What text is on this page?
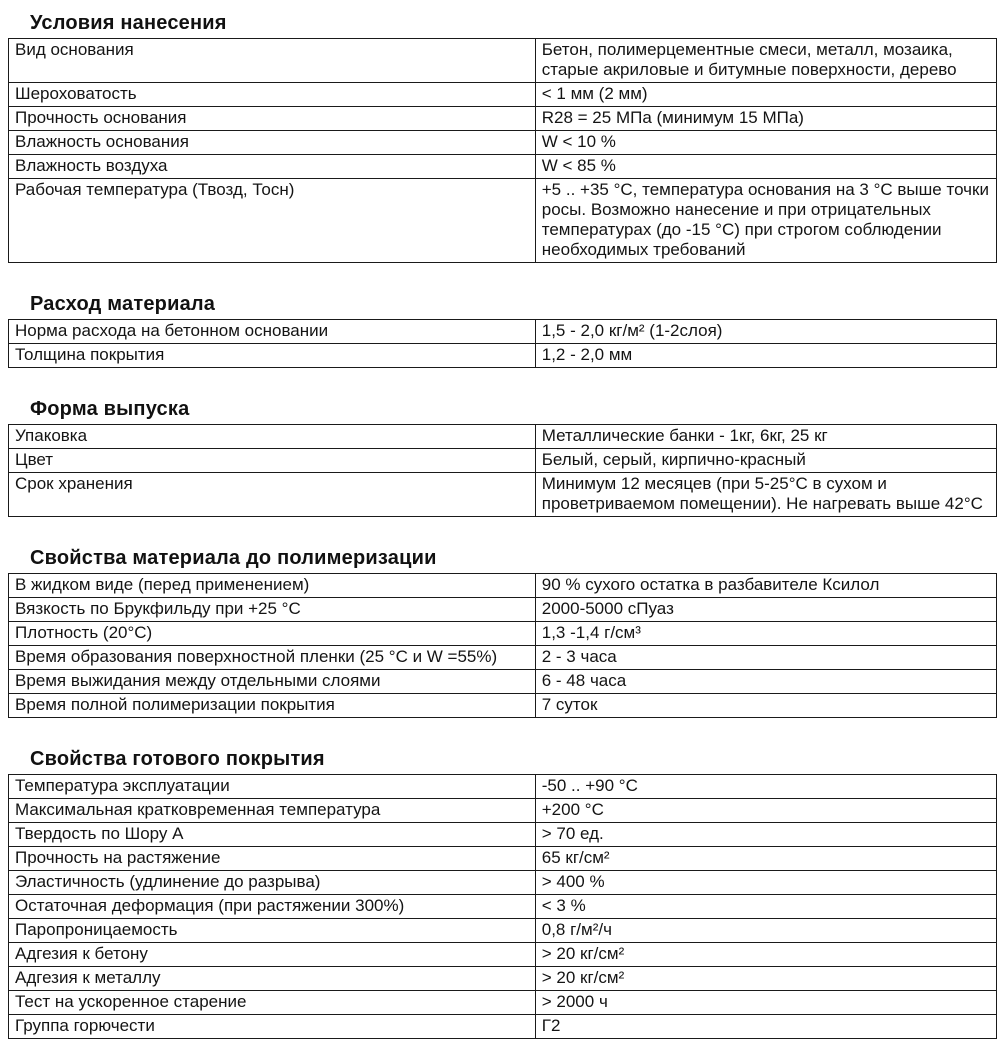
Условия нанесения
Вид основания	Бетон, полимерцементные смеси, металл, мозаика, старые акриловые и битумные поверхности, дерево
Шероховатость	< 1 мм (2 мм)
Прочность основания	R28 = 25 МПа (минимум 15 МПа)
Влажность основания	W < 10 %
Влажность воздуха	W < 85 %
Рабочая температура (Твозд, Тосн)	+5 .. +35 °С, температура основания на 3 °С выше точки росы. Возможно нанесение и при отрицательных температурах (до -15 °С) при строгом соблюдении необходимых требований
Расход материала
Норма расхода на бетонном основании	1,5 - 2,0 кг/м² (1-2слоя)
Толщина покрытия	1,2 - 2,0 мм
Форма выпуска
Упаковка	Металлические банки - 1кг, 6кг, 25 кг
Цвет	Белый, серый, кирпично-красный
Срок хранения	Минимум 12 месяцев (при 5-25°С в сухом и проветриваемом помещении). Не нагревать выше 42°С
Свойства материала до полимеризации
В жидком виде (перед применением)	90 % сухого остатка в разбавителе Ксилол
Вязкость по Брукфильду при +25 °С	2000-5000 сПуаз
Плотность (20°С)	1,3 -1,4 г/см³
Время образования поверхностной пленки (25 °С и W =55%)	2 - 3 часа
Время выжидания между отдельными слоями	6 - 48 часа
Время полной полимеризации покрытия	7 суток
Свойства готового покрытия
Температура эксплуатации	-50 .. +90 °С
Максимальная кратковременная температура	+200 °С
Твердость по Шору А	> 70 ед.
Прочность на растяжение	65 кг/см²
Эластичность (удлинение до разрыва)	> 400 %
Остаточная деформация (при растяжении 300%)	< 3 %
Паропроницаемость	0,8 г/м²/ч
Адгезия к бетону	> 20 кг/см²
Адгезия к металлу	> 20 кг/см²
Тест на ускоренное старение	> 2000 ч
Группа горючести	Г2
